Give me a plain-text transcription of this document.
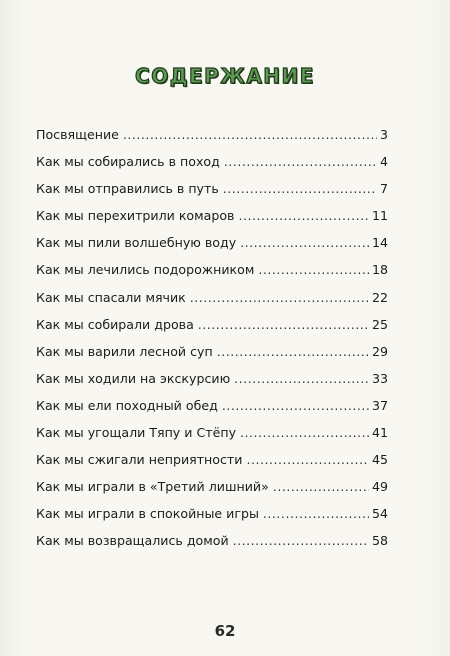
СОДЕРЖАНИЕ
Посвящение .....	3
Как мы собирались в поход .....	4
Как мы отправились в путь .....	7
Как мы перехитрили комаров .....	11
Как мы пили волшебную воду .....	14
Как мы лечились подорожником .....	18
Как мы спасали мячик .....	22
Как мы собирали дрова .....	25
Как мы варили лесной суп .....	29
Как мы ходили на экскурсию .....	33
Как мы ели походный обед .....	37
Как мы угощали Тяпу и Стёпу .....	41
Как мы сжигали неприятности .....	45
Как мы играли в «Третий лишний» .....	49
Как мы играли в спокойные игры .....	54
Как мы возвращались домой .....	58
62
